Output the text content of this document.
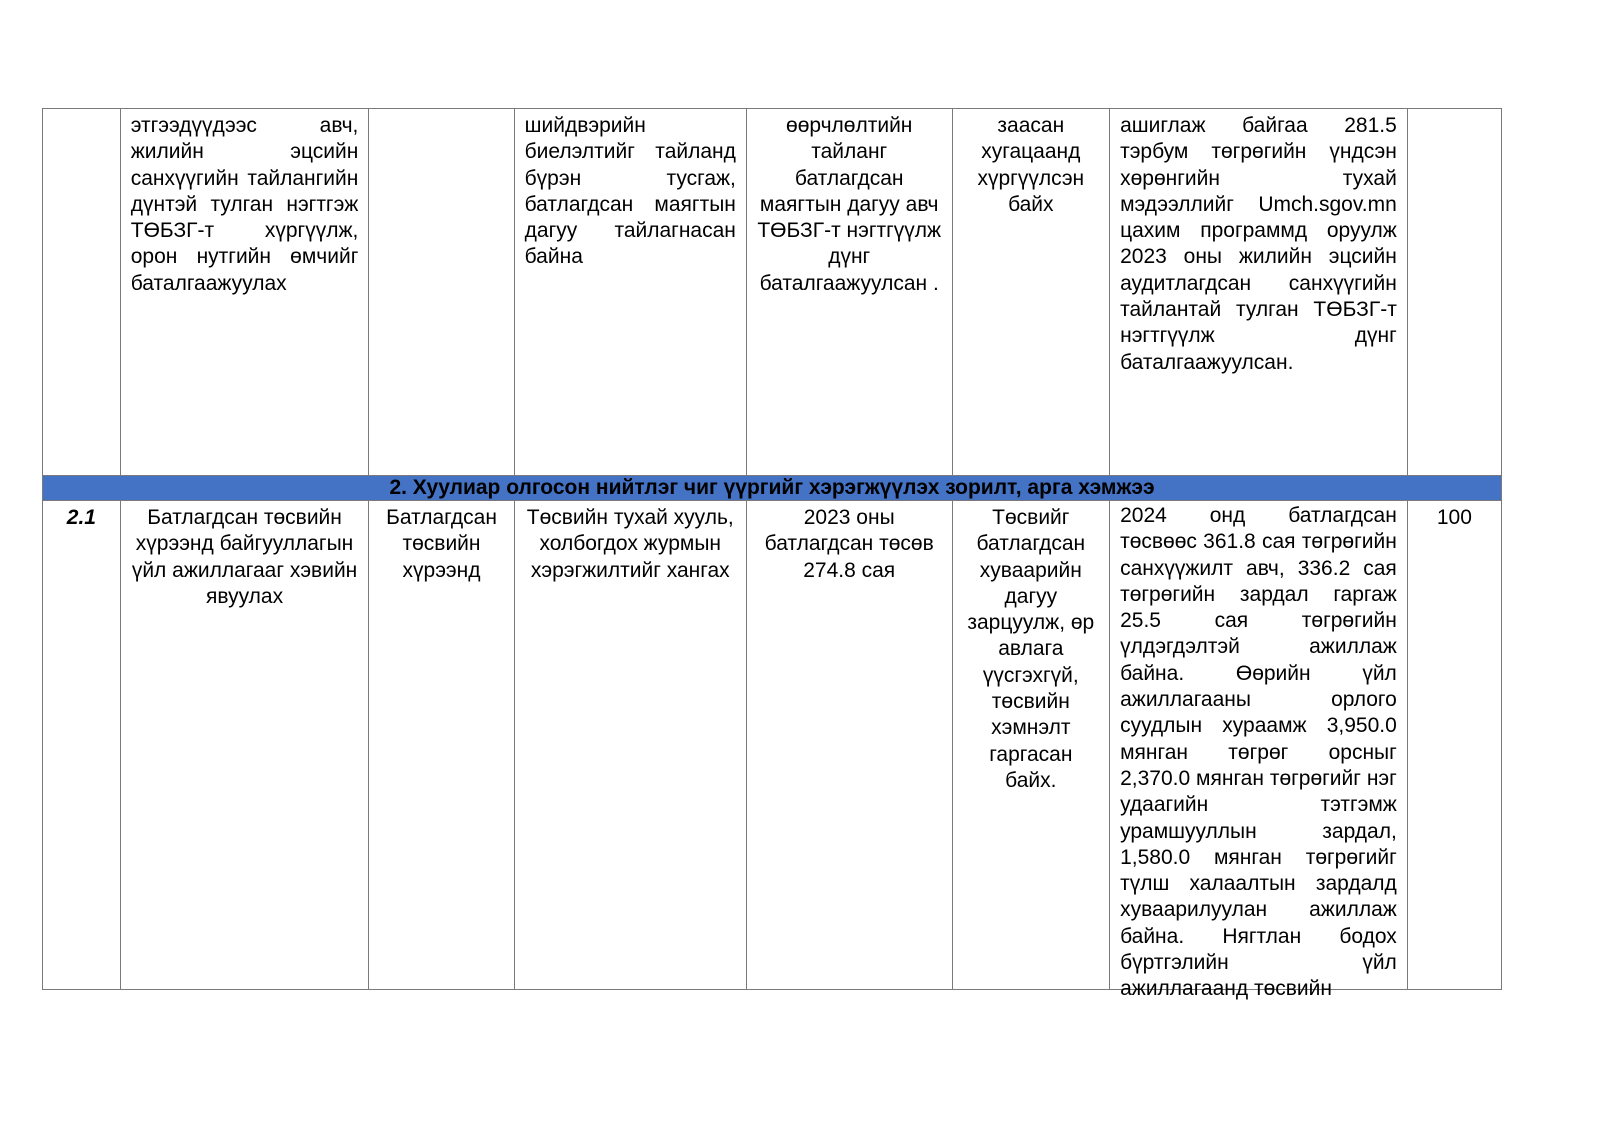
	этгээдүүдээс авч, жилийн эцсийн санхүүгийн тайлангийн дүнтэй тулган нэгтгэж ТӨБЗГ-т хүргүүлж, орон нутгийн өмчийг баталгаажуулах		шийдвэрийн биелэлтийг тайланд бүрэн тусгаж, батлагдсан маягтын дагуу тайлагнасан байна	өөрчлөлтийн тайланг батлагдсан маягтын дагуу авч ТӨБЗГ-т нэгтгүүлж дүнг баталгаажуулсан .	заасан хугацаанд хүргүүлсэн байх	ашиглаж байгаа 281.5 тэрбум төгрөгийн үндсэн хөрөнгийн тухай мэдээллийг Umch.sgov.mn цахим программд оруулж 2023 оны жилийн эцсийн аудитлагдсан санхүүгийн тайлантай тулган ТӨБЗГ-т нэгтгүүлж дүнг баталгаажуулсан.	
2. Хуулиар олгосон нийтлэг чиг үүргийг хэрэгжүүлэх зорилт, арга хэмжээ							
2.1	Батлагдсан төсвийн хүрээнд байгууллагын үйл ажиллагааг хэвийн явуулах	Батлагдсан төсвийн хүрээнд	Төсвийн тухай хууль, холбогдох журмын хэрэгжилтийг хангах	2023 оны батлагдсан төсөв 274.8 сая	Төсвийг батлагдсан хуваарийн дагуу зарцуулж, өр авлага үүсгэхгүй, төсвийн хэмнэлт гаргасан байх.	2024 онд батлагдсан төсвөөс 361.8 сая төгрөгийн санхүүжилт авч, 336.2 сая төгрөгийн зардал гаргаж 25.5 сая төгрөгийн үлдэгдэлтэй ажиллаж байна. Өөрийн үйл ажиллагааны орлого суудлын хураамж 3,950.0 мянган төгрөг орсныг 2,370.0 мянган төгрөгийг нэг удаагийн тэтгэмж урамшууллын зардал, 1,580.0 мянган төгрөгийг түлш халаалтын зардалд хуваарилуулан ажиллаж байна. Нягтлан бодох бүртгэлийн үйл ажиллагаанд төсвийн	100
